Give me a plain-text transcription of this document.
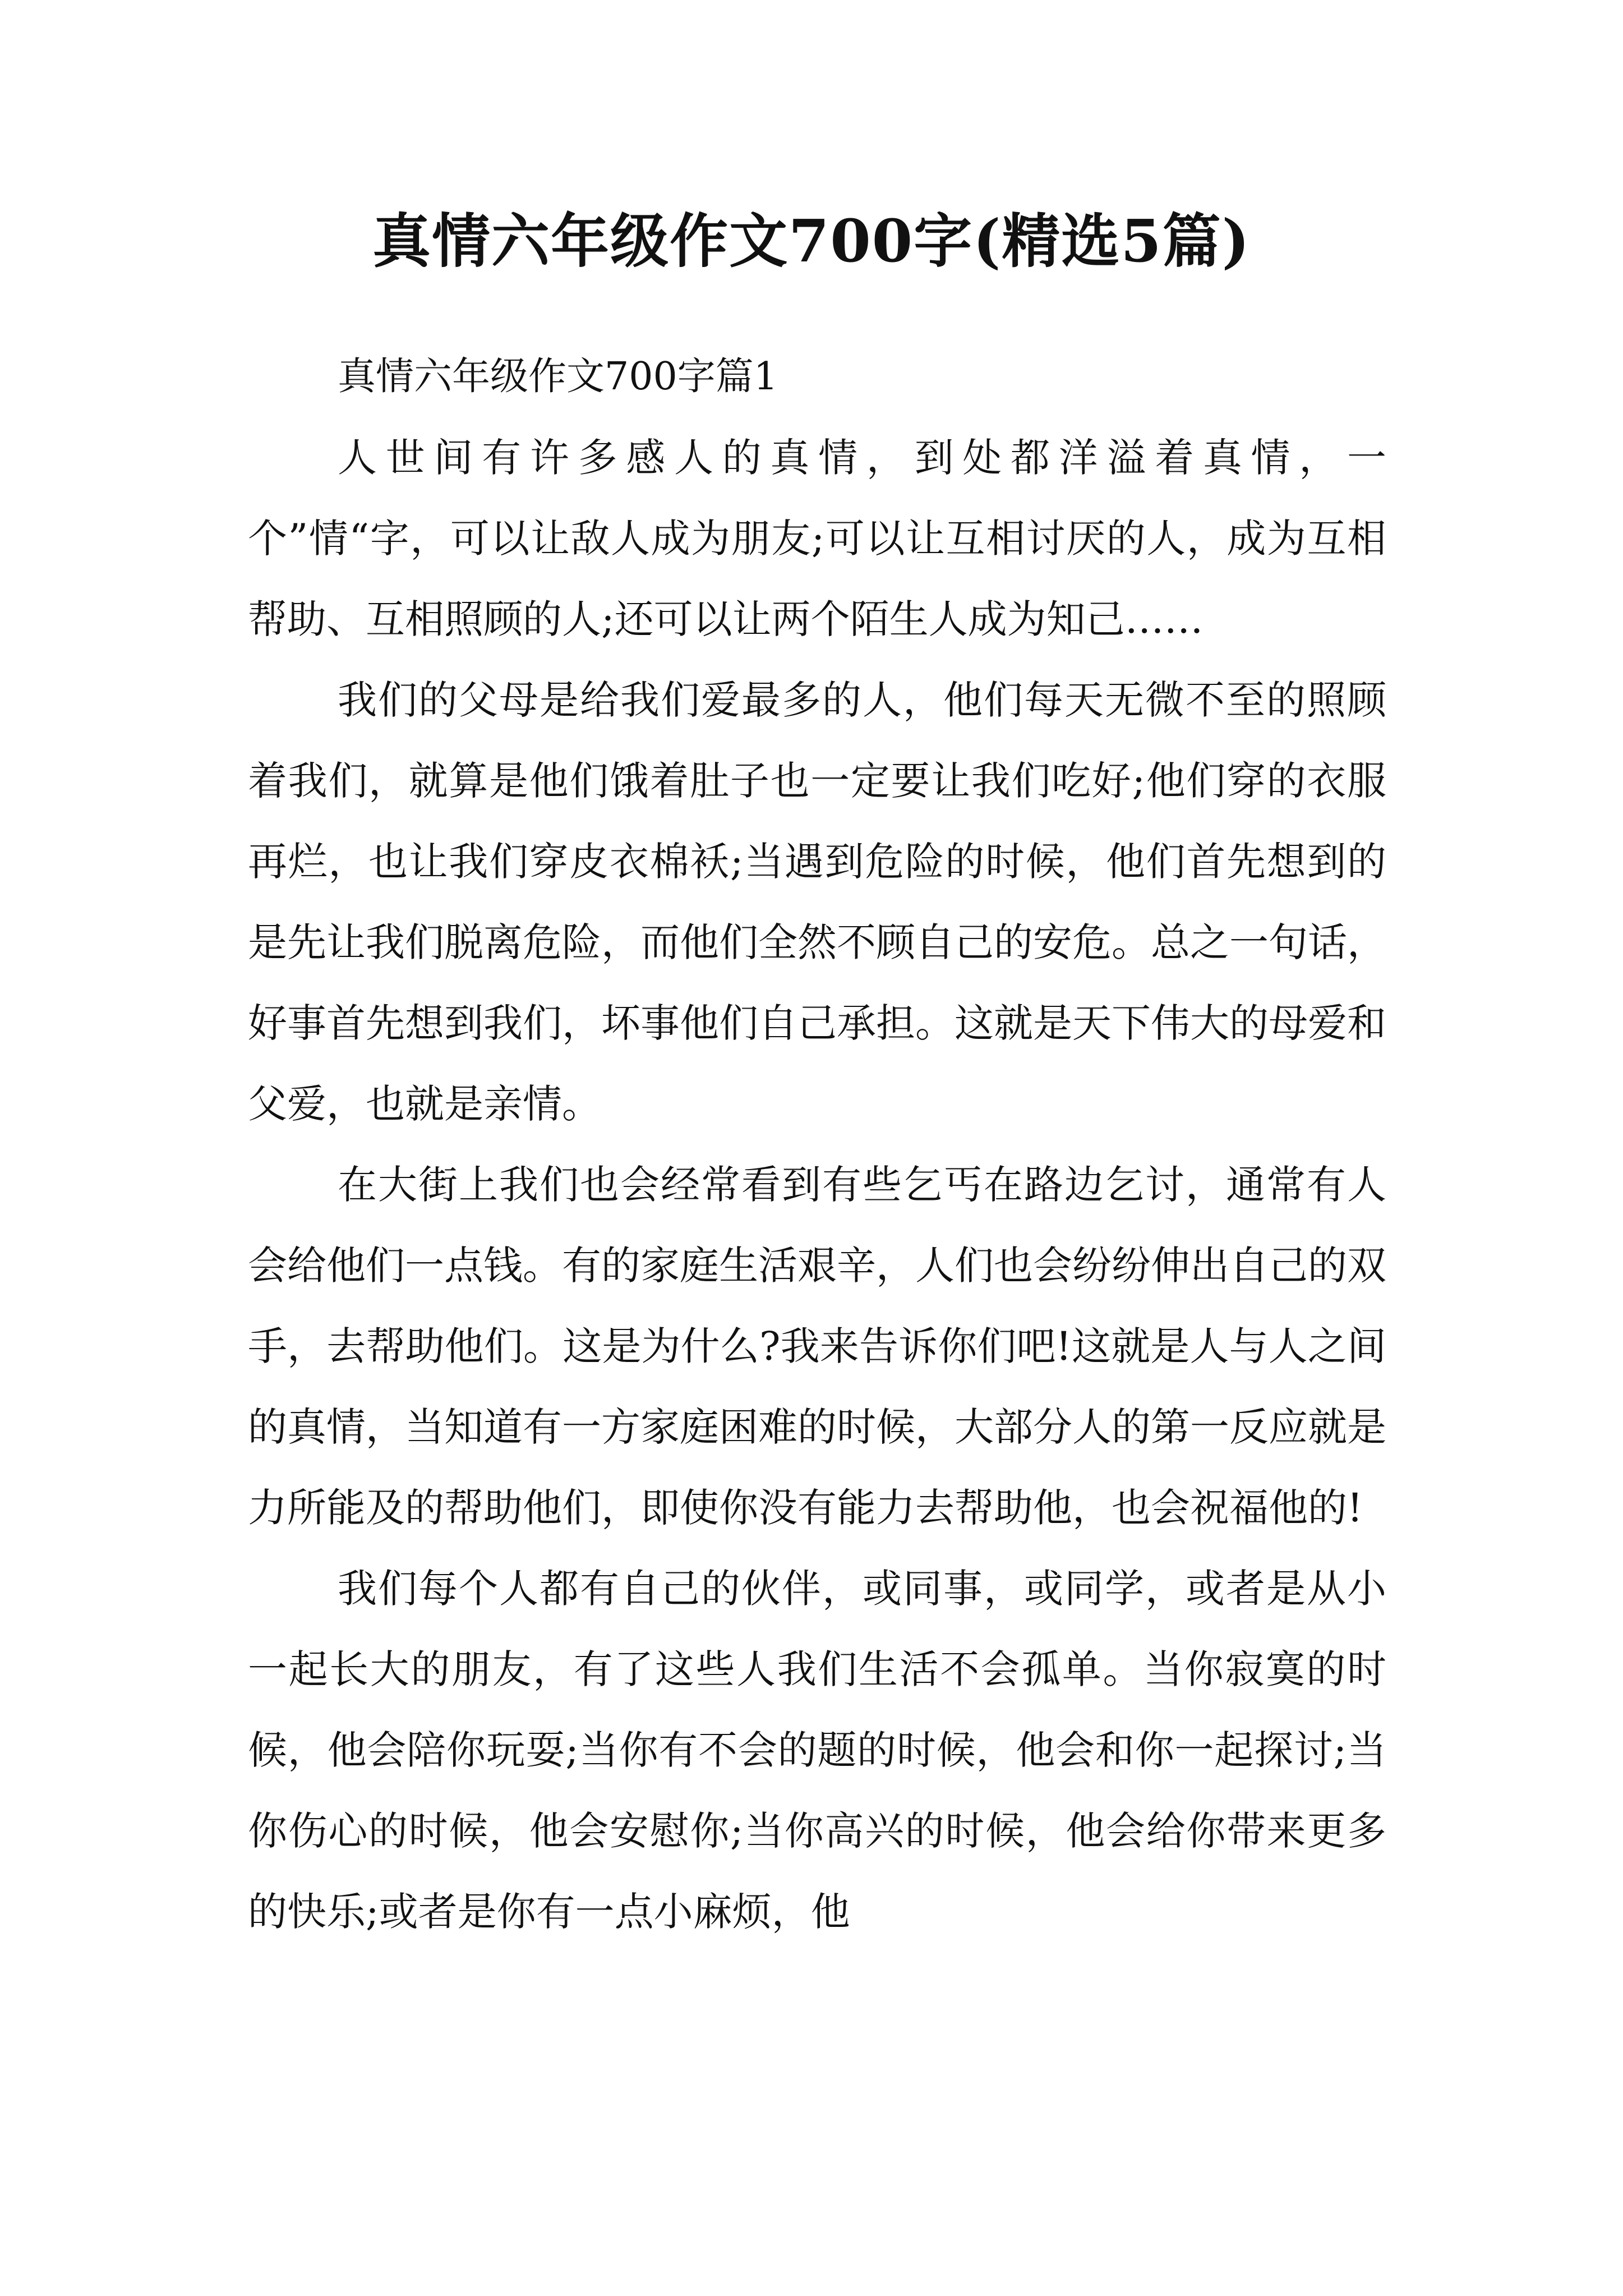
真情六年级作文700字(精选5篇)

真情六年级作文700字篇1

人世间有许多感人的真情，到处都洋溢着真情，一个”情“字，可以让敌人成为朋友;可以让互相讨厌的人，成为互相帮助、互相照顾的人;还可以让两个陌生人成为知己……

我们的父母是给我们爱最多的人，他们每天无微不至的照顾着我们，就算是他们饿着肚子也一定要让我们吃好;他们穿的衣服再烂，也让我们穿皮衣棉袄;当遇到危险的时候，他们首先想到的是先让我们脱离危险，而他们全然不顾自己的安危。总之一句话，好事首先想到我们，坏事他们自己承担。这就是天下伟大的母爱和父爱，也就是亲情。

在大街上我们也会经常看到有些乞丐在路边乞讨，通常有人会给他们一点钱。有的家庭生活艰辛，人们也会纷纷伸出自己的双手，去帮助他们。这是为什么?我来告诉你们吧!这就是人与人之间的真情，当知道有一方家庭困难的时候，大部分人的第一反应就是力所能及的帮助他们，即使你没有能力去帮助他，也会祝福他的!

我们每个人都有自己的伙伴，或同事，或同学，或者是从小一起长大的朋友，有了这些人我们生活不会孤单。当你寂寞的时候，他会陪你玩耍;当你有不会的题的时候，他会和你一起探讨;当你伤心的时候，他会安慰你;当你高兴的时候，他会给你带来更多的快乐;或者是你有一点小麻烦，他
